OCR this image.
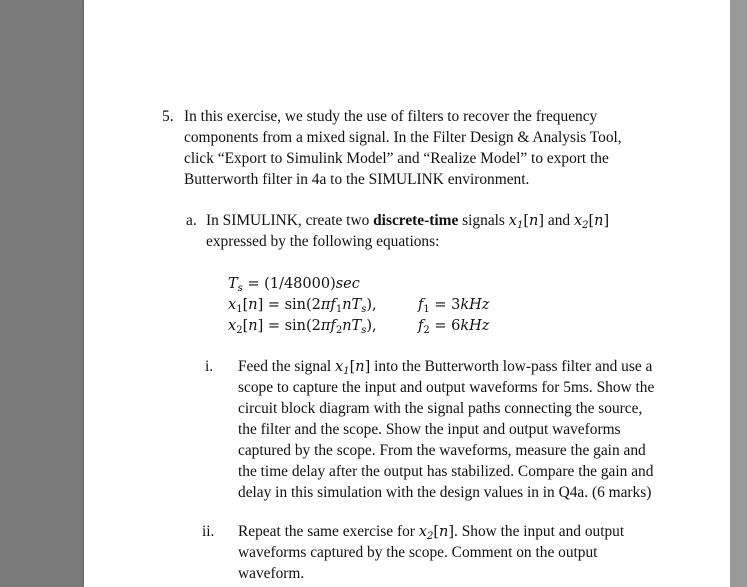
5. In this exercise, we study the use of filters to recover the frequency
components from a mixed signal. In the Filter Design & Analysis Tool,
click “Export to Simulink Model” and “Realize Model” to export the
Butterworth filter in 4a to the SIMULINK environment.
a. In SIMULINK, create two discrete-time signals $x_1[n]$ and $x_2[n]$
expressed by the following equations:
$T_s = (1/48000)\sec$
$x_1[n] = \sin(2\pi f_1nT_s)$,	$f_1 = 3kHz$
$x_2[n] = \sin(2\pi f_2nT_s)$,	$f_2 = 6kHz$
i. Feed the signal $x_1[n]$ into the Butterworth low-pass filter and use a
scope to capture the input and output waveforms for 5ms. Show the
circuit block diagram with the signal paths connecting the source,
the filter and the scope. Show the input and output waveforms
captured by the scope. From the waveforms, measure the gain and
the time delay after the output has stabilized. Compare the gain and
delay in this simulation with the design values in in Q4a. (6 marks)
ii. Repeat the same exercise for $x_2[n]$. Show the input and output
waveforms captured by the scope. Comment on the output
waveform.
